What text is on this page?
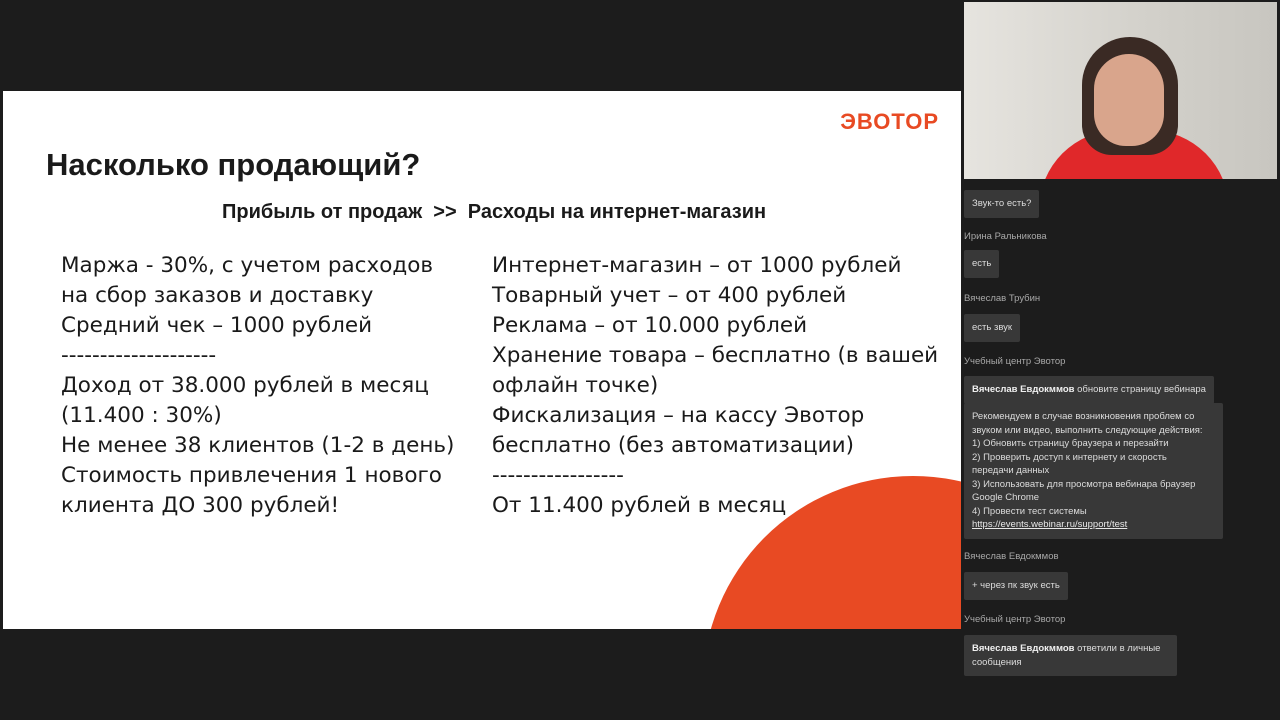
ЭВОТОР
Насколько продающий?
Прибыль от продаж  >>  Расходы на интернет-магазин
Маржа - 30%, с учетом расходов
на сбор заказов и доставку
Средний чек – 1000 рублей
--------------------
Доход от 38.000 рублей в месяц
(11.400 : 30%)
Не менее 38 клиентов (1-2 в день)
Стоимость привлечения 1 нового
клиента ДО 300 рублей!
Интернет-магазин – от 1000 рублей
Товарный учет – от 400 рублей
Реклама – от 10.000 рублей
Хранение товара – бесплатно (в вашей
офлайн точке)
Фискализация – на кассу Эвотор
бесплатно (без автоматизации)
-----------------
От 11.400 рублей в месяц
Звук-то есть?
Ирина Ральникова
есть
Вячеслав Трубин
есть звук
Учебный центр Эвотор
Вячеслав Евдокммов обновите страницу вебинара
Рекомендуем в случае возникновения проблем со
звуком или видео, выполнить следующие действия:
1) Обновить страницу браузера и перезайти
2) Проверить доступ к интернету и скорость
передачи данных
3) Использовать для просмотра вебинара браузер
Google Chrome
4) Провести тест системы
https://events.webinar.ru/support/test
Вячеслав Евдокммов
+ через пк звук есть
Учебный центр Эвотор
Вячеслав Евдокммов ответили в личные
сообщения
